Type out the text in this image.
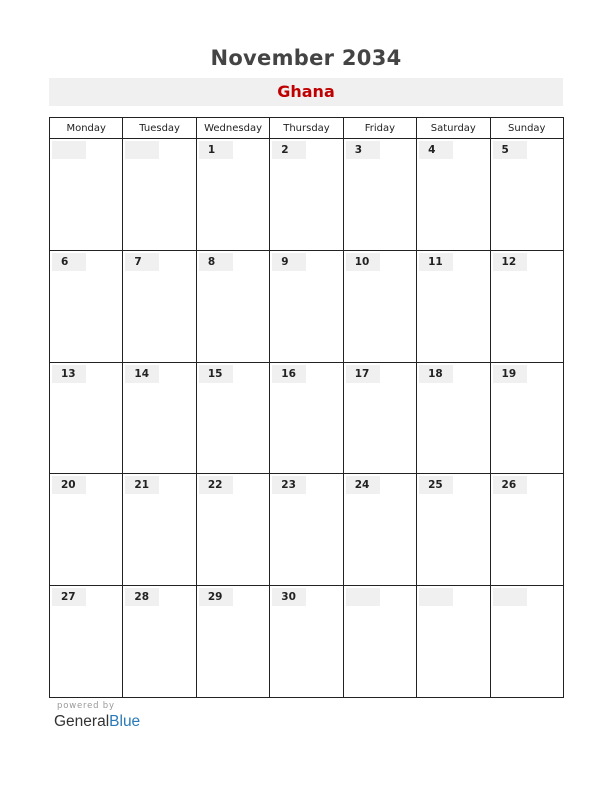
November 2034
Ghana
Monday	Tuesday	Wednesday	Thursday	Friday	Saturday	Sunday

		1	2	3	4	5

6	7	8	9	10	11	12

13	14	15	16	17	18	19

20	21	22	23	24	25	26

27	28	29	30			

powered by
GeneralBlue
